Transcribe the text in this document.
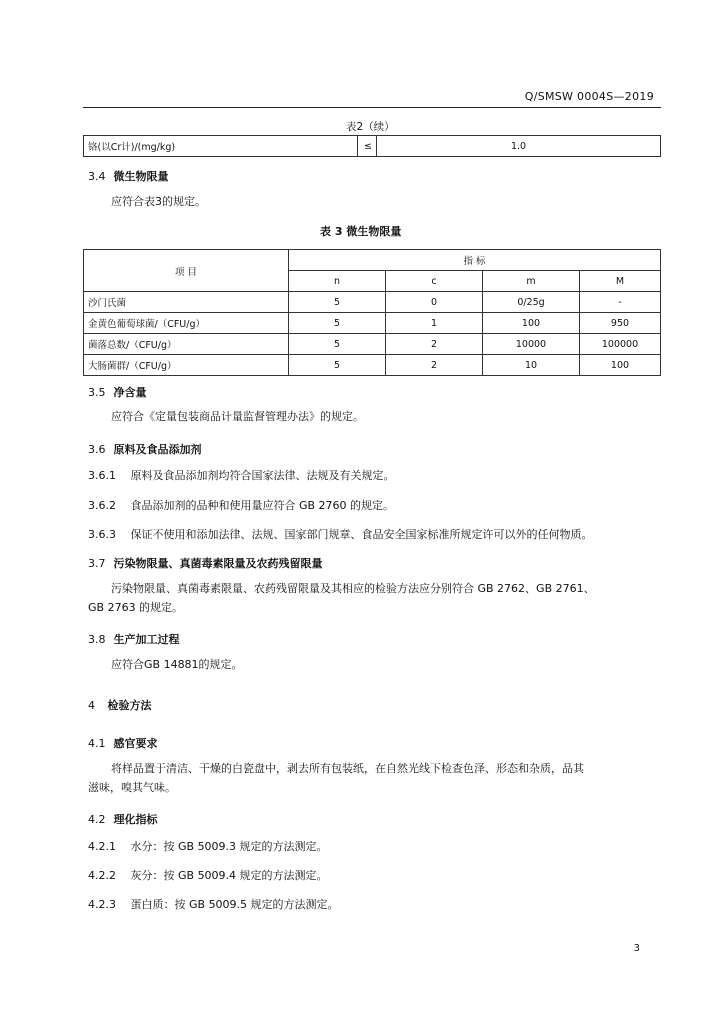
Q/SMSW 0004S—2019
表2（续）
铬(以Cr计)/(mg/kg)	≤	1.0
3.4 微生物限量
应符合表3的规定。
表 3 微生物限量
项 目	指 标			
	n	c	m	M
沙门氏菌	5	0	0/25g	-
金黄色葡萄球菌/（CFU/g）	5	1	100	950
菌落总数/（CFU/g）	5	2	10000	100000
大肠菌群/（CFU/g）	5	2	10	100
3.5 净含量
应符合《定量包装商品计量监督管理办法》的规定。
3.6 原料及食品添加剂
3.6.1 原料及食品添加剂均符合国家法律、法规及有关规定。
3.6.2 食品添加剂的品种和使用量应符合 GB 2760 的规定。
3.6.3 保证不使用和添加法律、法规、国家部门规章、食品安全国家标准所规定许可以外的任何物质。
3.7 污染物限量、真菌毒素限量及农药残留限量
污染物限量、真菌毒素限量、农药残留限量及其相应的检验方法应分别符合 GB 2762、GB 2761、
GB 2763 的规定。
3.8 生产加工过程
应符合GB 14881的规定。
4 检验方法
4.1 感官要求
将样品置于清洁、干燥的白瓷盘中，剥去所有包装纸，在自然光线下检查色泽、形态和杂质，品其
滋味，嗅其气味。
4.2 理化指标
4.2.1 水分：按 GB 5009.3 规定的方法测定。
4.2.2 灰分：按 GB 5009.4 规定的方法测定。
4.2.3 蛋白质：按 GB 5009.5 规定的方法测定。
3
